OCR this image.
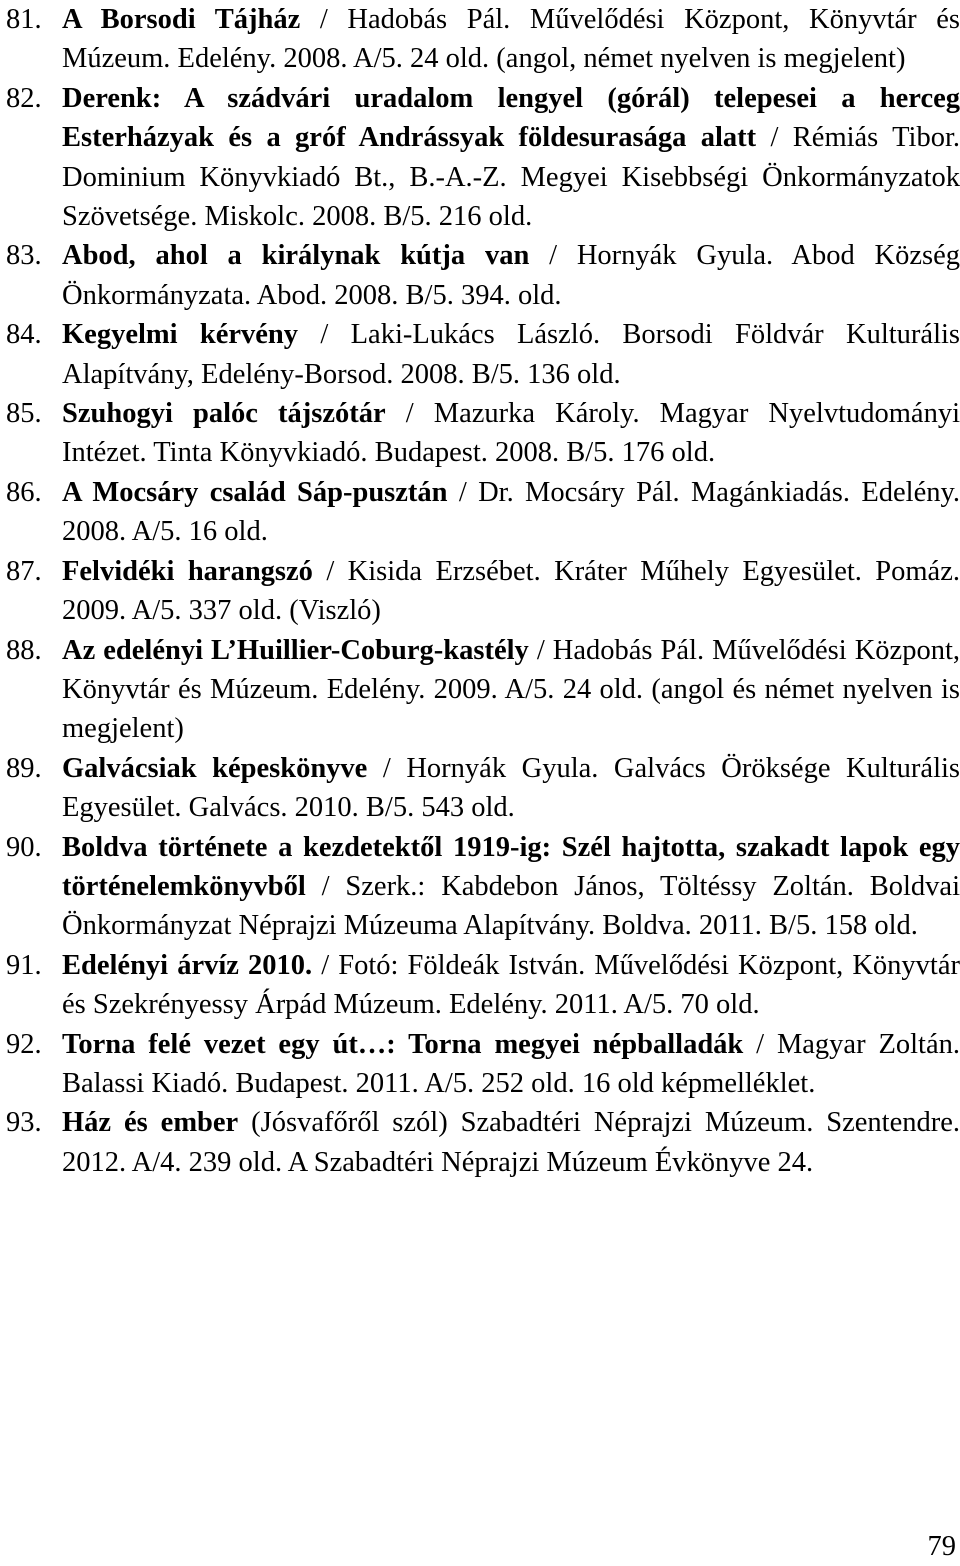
81. A Borsodi Tájház / Hadobás Pál. Művelődési Központ, Könyvtár és Múzeum. Edelény. 2008. A/5. 24 old. (angol, német nyelven is megjelent)
82. Derenk: A szádvári uradalom lengyel (górál) telepesei a herceg Esterházyak és a gróf Andrássyak földesurasága alatt / Rémiás Tibor. Dominium Könyvkiadó Bt., B.-A.-Z. Megyei Kisebbségi Önkormányzatok Szövetsége. Miskolc. 2008. B/5. 216 old.
83. Abod, ahol a királynak kútja van / Hornyák Gyula. Abod Község Önkormányzata. Abod. 2008. B/5. 394. old.
84. Kegyelmi kérvény / Laki-Lukács László. Borsodi Földvár Kulturális Alapítvány, Edelény-Borsod. 2008. B/5. 136 old.
85. Szuhogyi palóc tájszótár / Mazurka Károly. Magyar Nyelvtudományi Intézet. Tinta Könyvkiadó. Budapest. 2008. B/5. 176 old.
86. A Mocsáry család Sáp-pusztán / Dr. Mocsáry Pál. Magánkiadás. Edelény. 2008. A/5. 16 old.
87. Felvidéki harangszó / Kisida Erzsébet. Kráter Műhely Egyesület. Pomáz. 2009. A/5. 337 old. (Viszló)
88. Az edelényi L’Huillier-Coburg-kastély / Hadobás Pál. Művelődési Központ, Könyvtár és Múzeum. Edelény. 2009. A/5. 24 old. (angol és német nyelven is megjelent)
89. Galvácsiak képeskönyve / Hornyák Gyula. Galvács Öröksége Kulturális Egyesület. Galvács. 2010. B/5. 543 old.
90. Boldva története a kezdetektől 1919-ig: Szél hajtotta, szakadt lapok egy történelemkönyvből / Szerk.: Kabdebon János, Töltéssy Zoltán. Boldvai Önkormányzat Néprajzi Múzeuma Alapítvány. Boldva. 2011. B/5. 158 old.
91. Edelényi árvíz 2010. / Fotó: Földeák István. Művelődési Központ, Könyvtár és Szekrényessy Árpád Múzeum. Edelény. 2011. A/5. 70 old.
92. Torna felé vezet egy út…: Torna megyei népballadák / Magyar Zoltán. Balassi Kiadó. Budapest. 2011. A/5. 252 old. 16 old képmelléklet.
93. Ház és ember (Jósvafőről szól) Szabadtéri Néprajzi Múzeum. Szentendre. 2012. A/4. 239 old. A Szabadtéri Néprajzi Múzeum Évkönyve 24.
79
